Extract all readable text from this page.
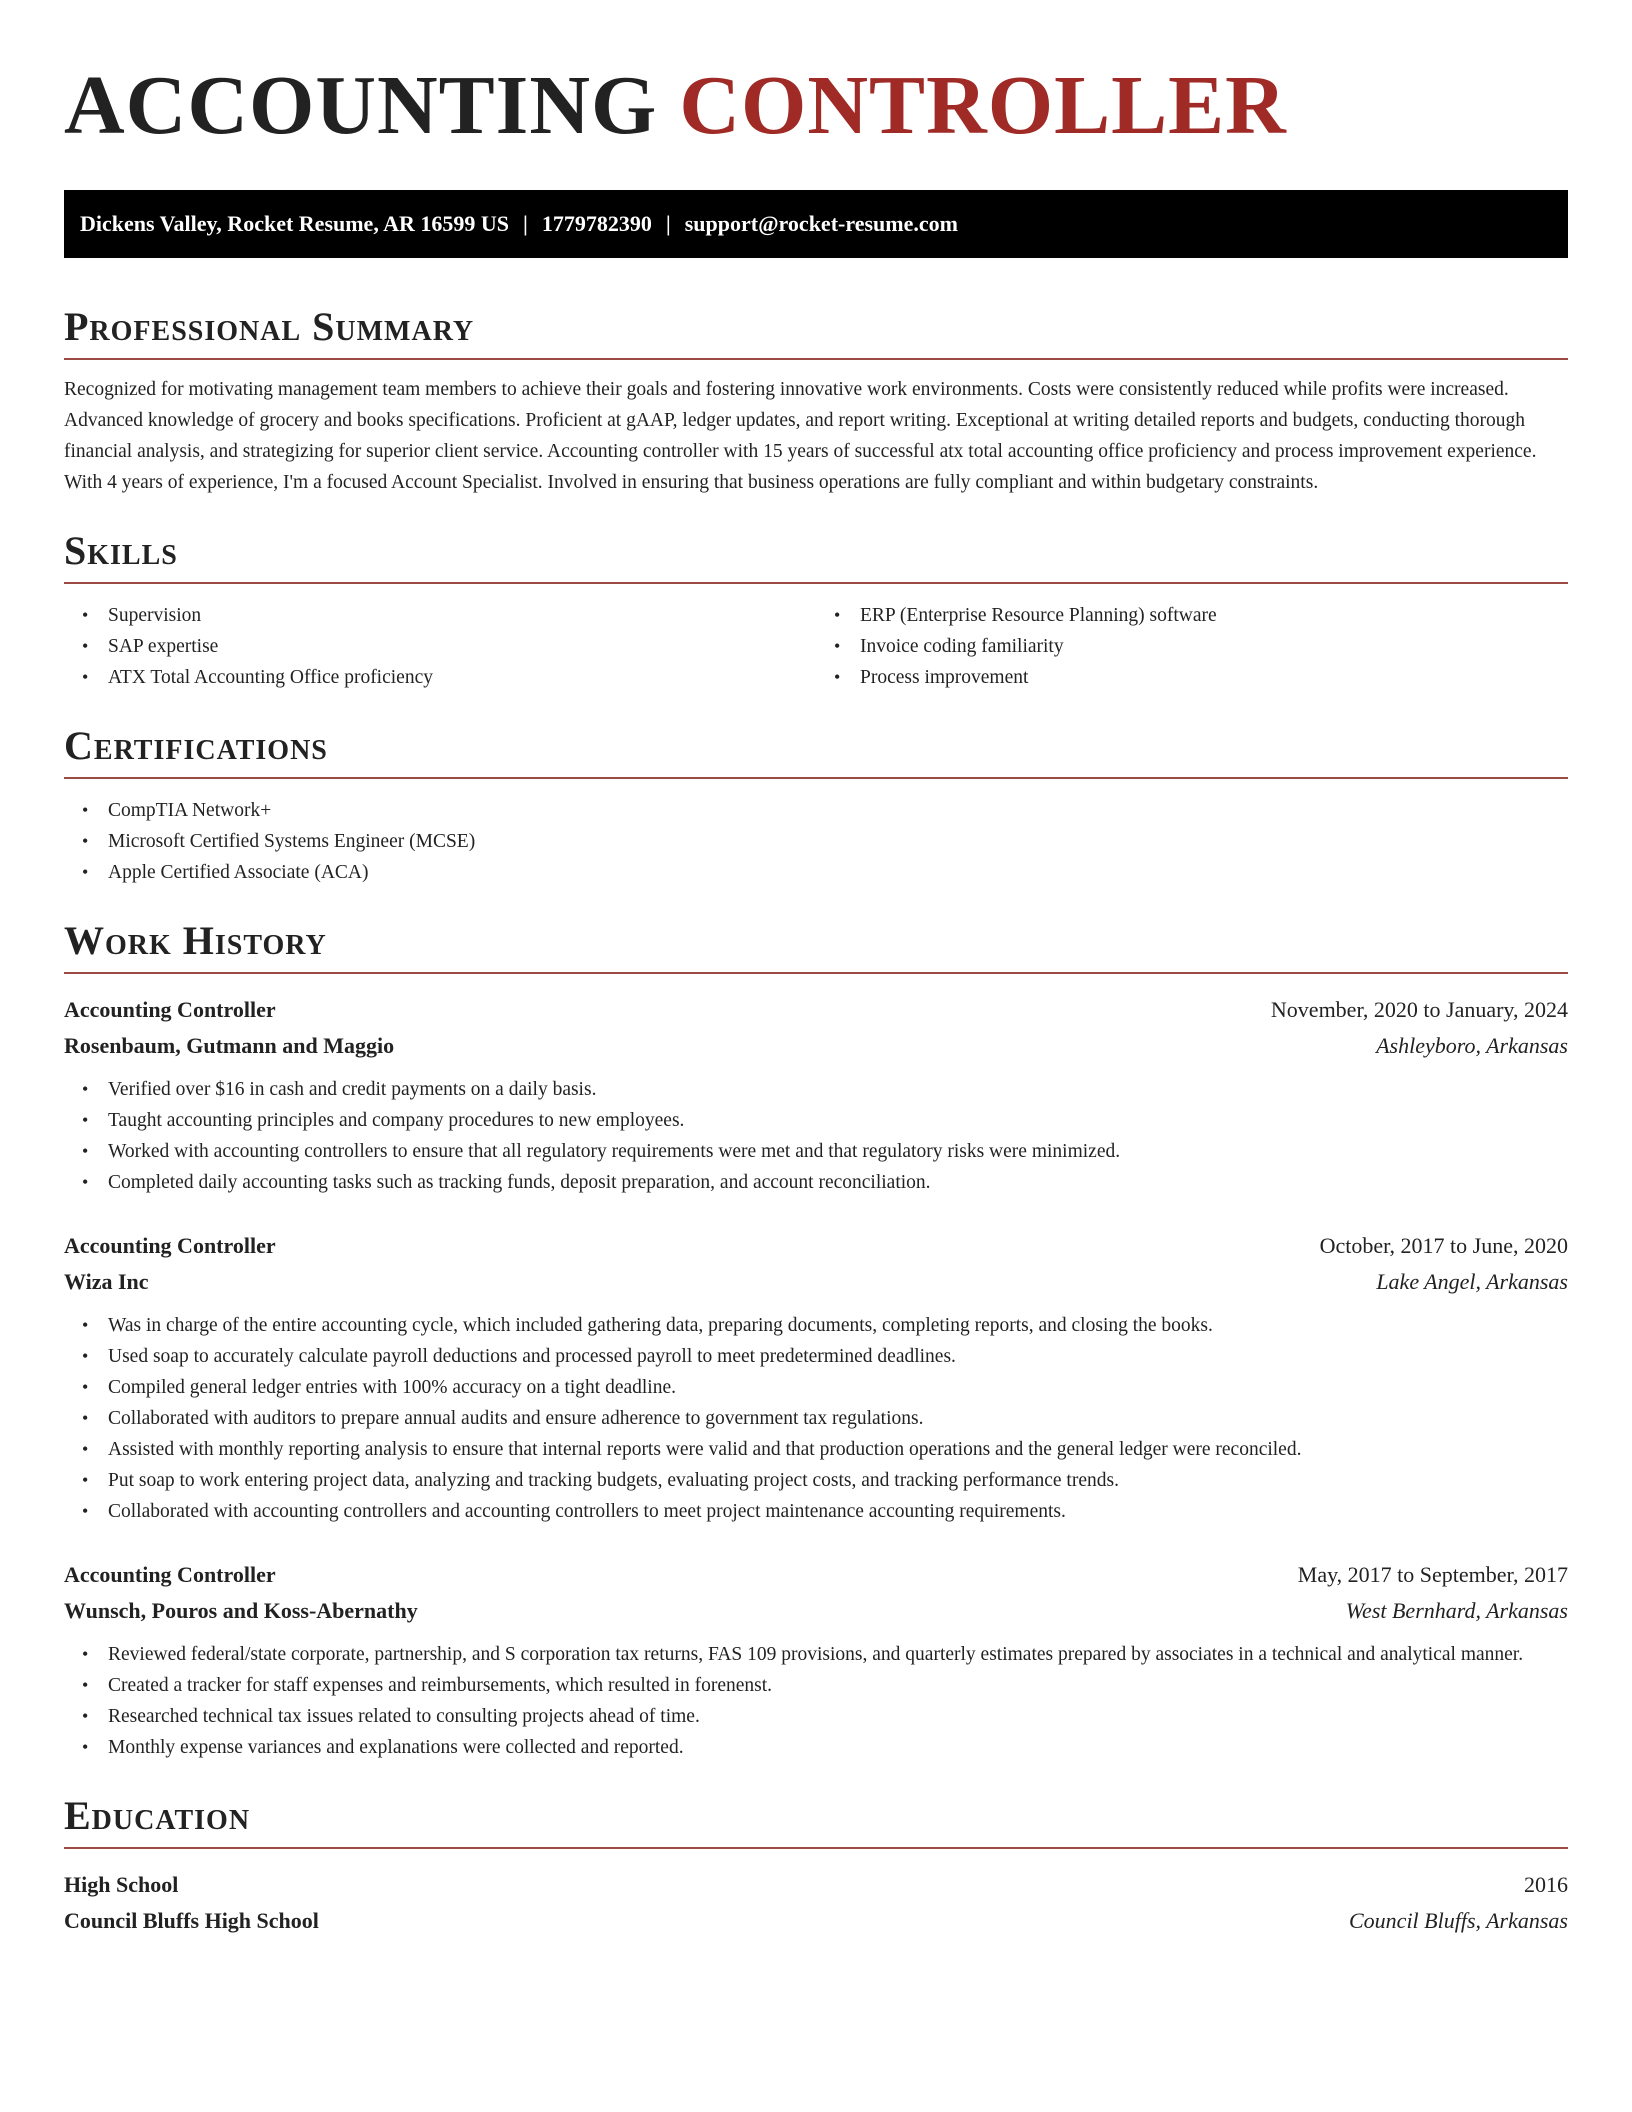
ACCOUNTING CONTROLLER
Dickens Valley, Rocket Resume, AR 16599 US | 1779782390 | support@rocket-resume.com
Professional Summary

Recognized for motivating management team members to achieve their goals and fostering innovative work environments. Costs were consistently reduced while profits were increased. Advanced knowledge of grocery and books specifications. Proficient at gAAP, ledger updates, and report writing. Exceptional at writing detailed reports and budgets, conducting thorough financial analysis, and strategizing for superior client service. Accounting controller with 15 years of successful atx total accounting office proficiency and process improvement experience. With 4 years of experience, I'm a focused Account Specialist. Involved in ensuring that business operations are fully compliant and within budgetary constraints.

Skills
• Supervision
• SAP expertise
• ATX Total Accounting Office proficiency
• ERP (Enterprise Resource Planning) software
• Invoice coding familiarity
• Process improvement
Certifications
• CompTIA Network+
• Microsoft Certified Systems Engineer (MCSE)
• Apple Certified Associate (ACA)
Work History
Accounting Controller	November, 2020 to January, 2024
Rosenbaum, Gutmann and Maggio	Ashleyboro, Arkansas
• Verified over $16 in cash and credit payments on a daily basis.
• Taught accounting principles and company procedures to new employees.
• Worked with accounting controllers to ensure that all regulatory requirements were met and that regulatory risks were minimized.
• Completed daily accounting tasks such as tracking funds, deposit preparation, and account reconciliation.
Accounting Controller	October, 2017 to June, 2020
Wiza Inc	Lake Angel, Arkansas
• Was in charge of the entire accounting cycle, which included gathering data, preparing documents, completing reports, and closing the books.
• Used soap to accurately calculate payroll deductions and processed payroll to meet predetermined deadlines.
• Compiled general ledger entries with 100% accuracy on a tight deadline.
• Collaborated with auditors to prepare annual audits and ensure adherence to government tax regulations.
• Assisted with monthly reporting analysis to ensure that internal reports were valid and that production operations and the general ledger were reconciled.
• Put soap to work entering project data, analyzing and tracking budgets, evaluating project costs, and tracking performance trends.
• Collaborated with accounting controllers and accounting controllers to meet project maintenance accounting requirements.
Accounting Controller	May, 2017 to September, 2017
Wunsch, Pouros and Koss-Abernathy	West Bernhard, Arkansas
• Reviewed federal/state corporate, partnership, and S corporation tax returns, FAS 109 provisions, and quarterly estimates prepared by associates in a technical and analytical manner.
• Created a tracker for staff expenses and reimbursements, which resulted in forenenst.
• Researched technical tax issues related to consulting projects ahead of time.
• Monthly expense variances and explanations were collected and reported.
Education
High School	2016
Council Bluffs High School	Council Bluffs, Arkansas
